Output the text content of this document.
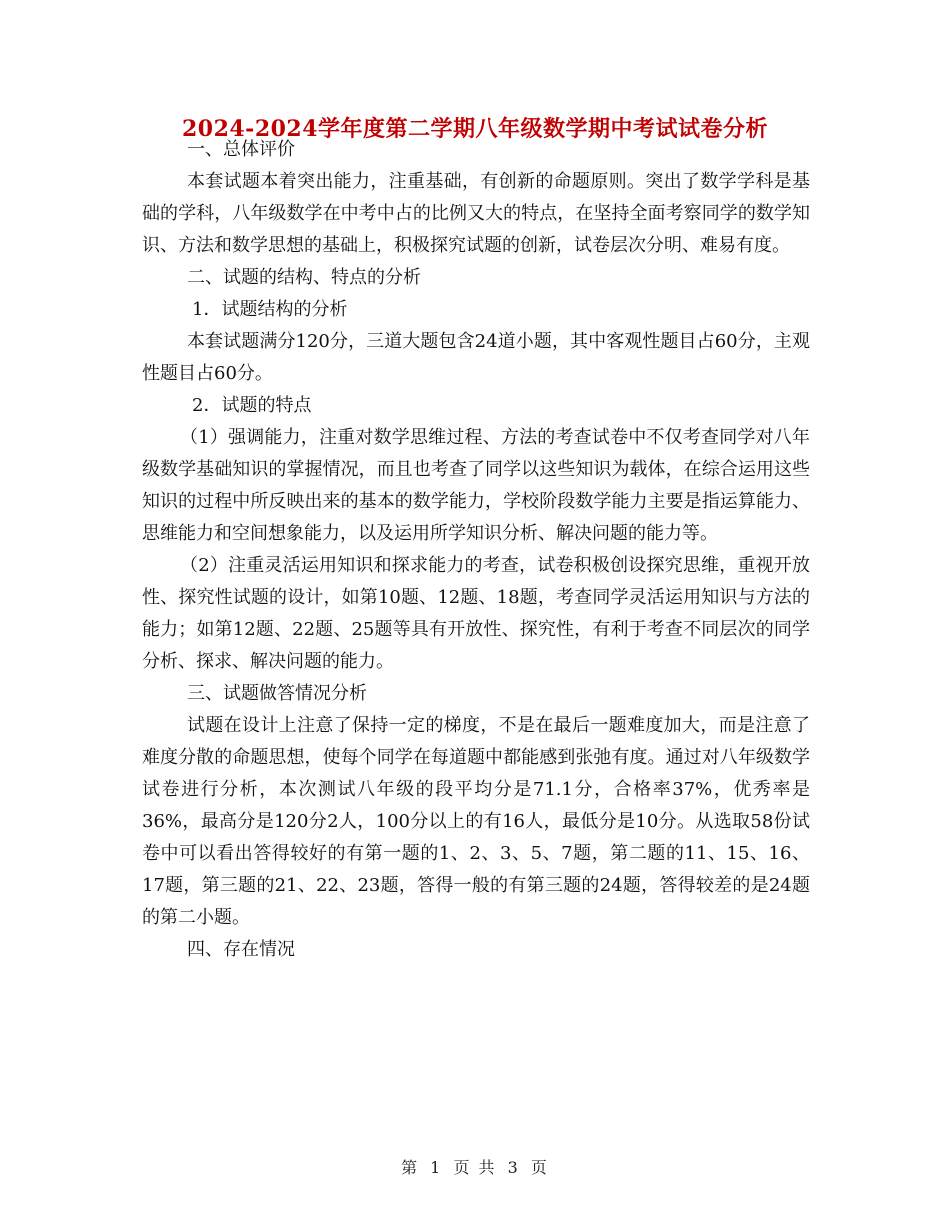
2024-2024学年度第二学期八年级数学期中考试试卷分析

一、总体评价

本套试题本着突出能力，注重基础，有创新的命题原则。突出了数学学科是基础的学科，八年级数学在中考中占的比例又大的特点，在坚持全面考察同学的数学知识、方法和数学思想的基础上，积极探究试题的创新，试卷层次分明、难易有度。

二、试题的结构、特点的分析

1．试题结构的分析

本套试题满分120分，三道大题包含24道小题，其中客观性题目占60分，主观性题目占60分。

2．试题的特点

（1）强调能力，注重对数学思维过程、方法的考查试卷中不仅考查同学对八年级数学基础知识的掌握情况，而且也考查了同学以这些知识为载体，在综合运用这些知识的过程中所反映出来的基本的数学能力，学校阶段数学能力主要是指运算能力、思维能力和空间想象能力，以及运用所学知识分析、解决问题的能力等。

（2）注重灵活运用知识和探求能力的考查，试卷积极创设探究思维，重视开放性、探究性试题的设计，如第10题、12题、18题，考查同学灵活运用知识与方法的能力；如第12题、22题、25题等具有开放性、探究性，有利于考查不同层次的同学分析、探求、解决问题的能力。

三、试题做答情况分析

试题在设计上注意了保持一定的梯度，不是在最后一题难度加大，而是注意了难度分散的命题思想，使每个同学在每道题中都能感到张弛有度。通过对八年级数学试卷进行分析，本次测试八年级的段平均分是71.1分，合格率37%，优秀率是36%，最高分是120分2人，100分以上的有16人，最低分是10分。从选取58份试卷中可以看出答得较好的有第一题的1、2、3、5、7题，第二题的11、15、16、17题，第三题的21、22、23题，答得一般的有第三题的24题，答得较差的是24题的第二小题。

四、存在情况

第 1 页 共 3 页
